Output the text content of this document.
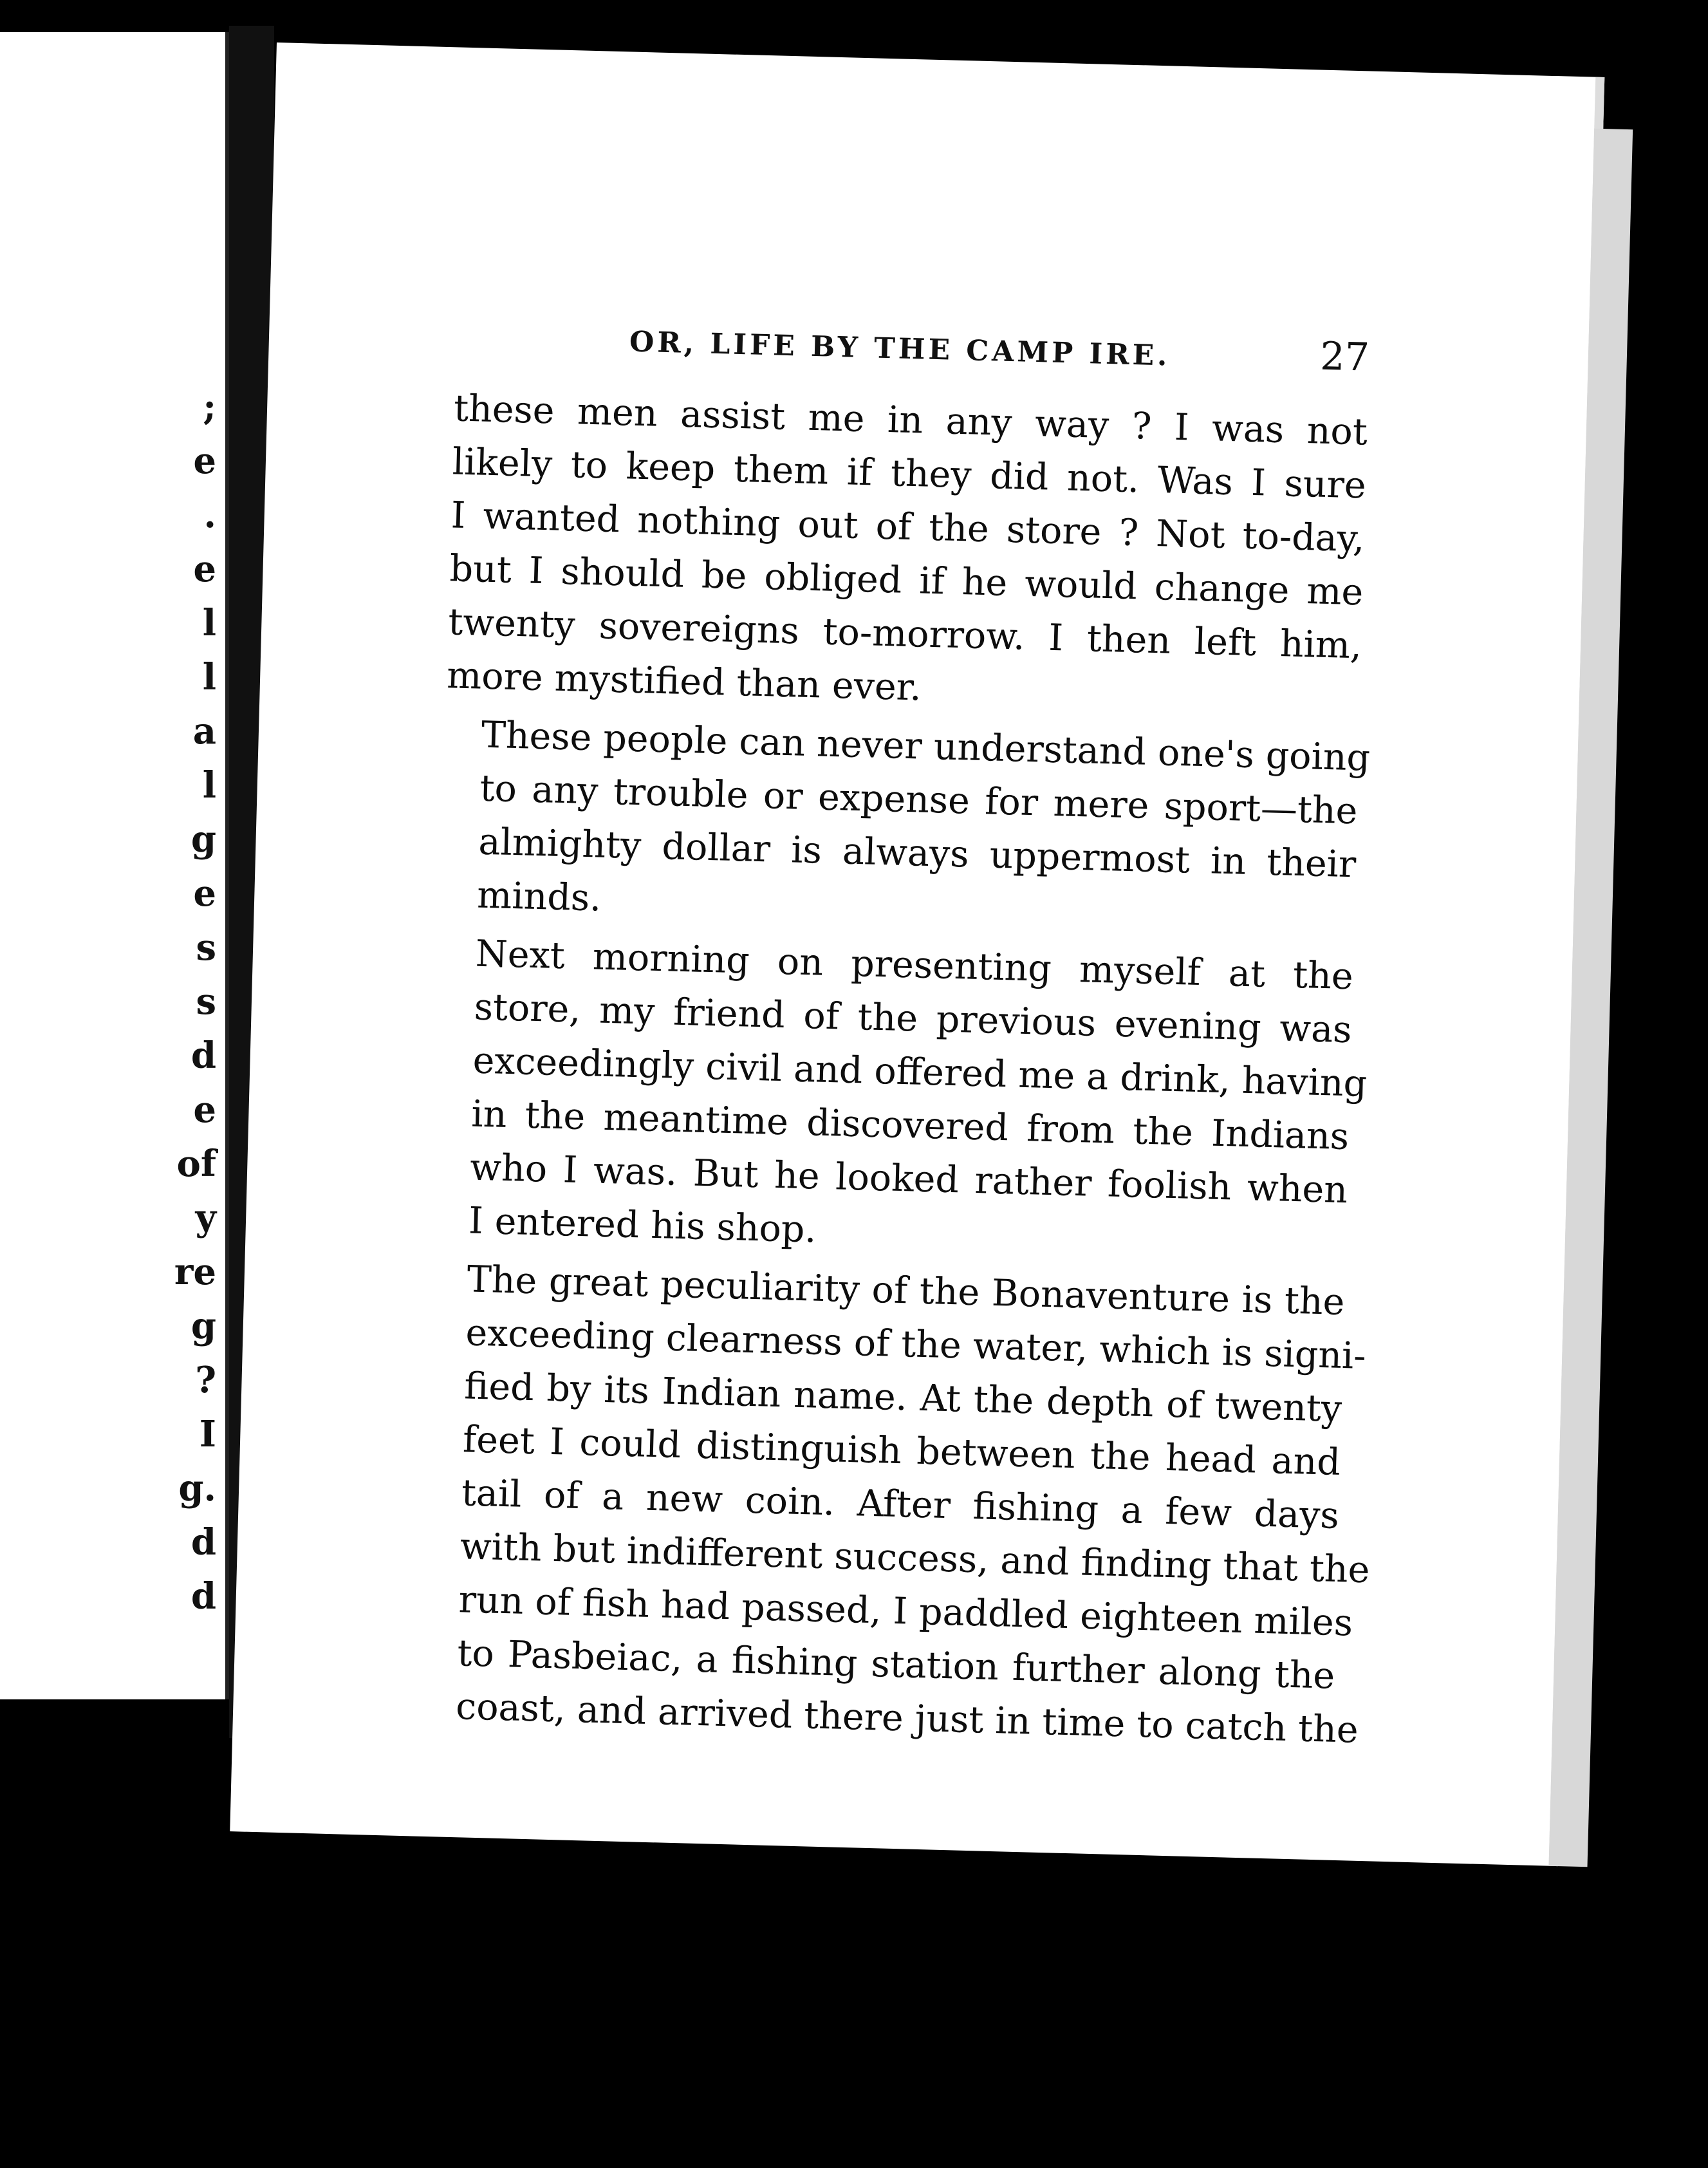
;
e
.
e
l
l
a
l
g
e
s
s
d
e
of
y
re
g
?
I
g.
d
d
OR, LIFE BY THE CAMP IRE.	27

these men assist me in any way ? I was not
likely to keep them if they did not. Was I sure
I wanted nothing out of the store ? Not to-day,
but I should be obliged if he would change me
twenty sovereigns to-morrow. I then left him,
more mystified than ever.

These people can never understand one's going
to any trouble or expense for mere sport—the
almighty dollar is always uppermost in their
minds.

Next morning on presenting myself at the
store, my friend of the previous evening was
exceedingly civil and offered me a drink, having
in the meantime discovered from the Indians
who I was. But he looked rather foolish when
I entered his shop.

The great peculiarity of the Bonaventure is the
exceeding clearness of the water, which is signi-
fied by its Indian name. At the depth of twenty
feet I could distinguish between the head and
tail of a new coin. After fishing a few days
with but indifferent success, and finding that the
run of fish had passed, I paddled eighteen miles
to Pasbeiac, a fishing station further along the
coast, and arrived there just in time to catch the
